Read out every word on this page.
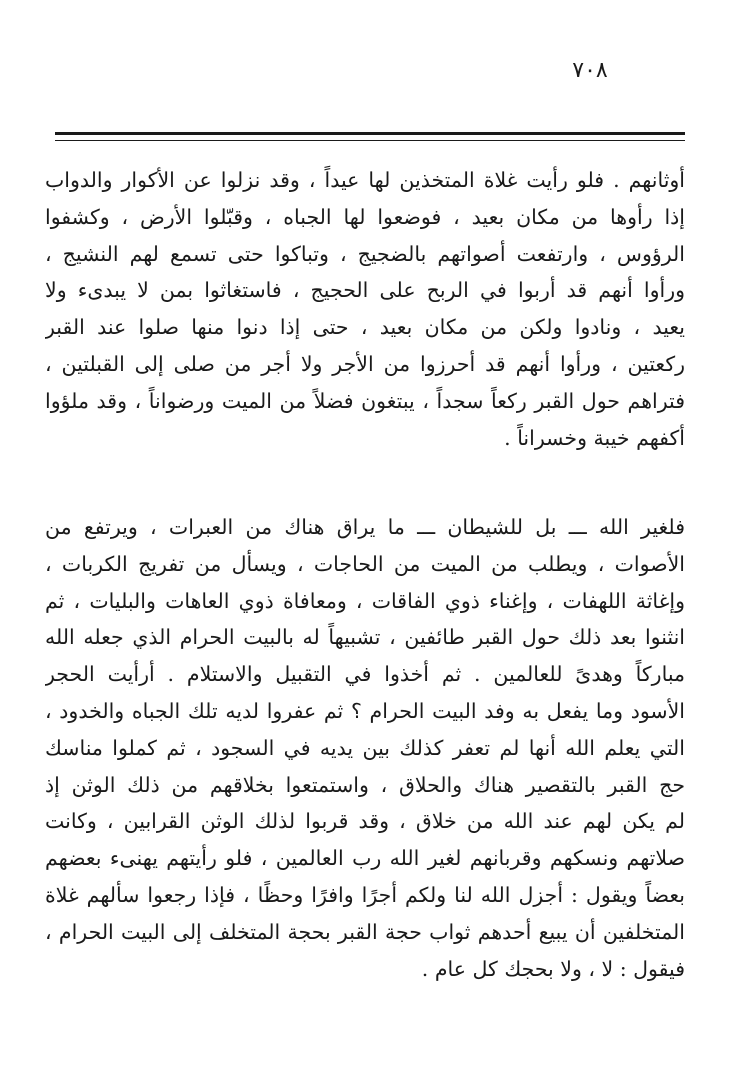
٧٠٨
أوثانهم . فلو رأيت غلاة المتخذين لها عيداً ، وقد نزلوا عن الأكوار والدواب
إذا رأوها من مكان بعيد ، فوضعوا لها الجباه ، وقبّلوا الأرض ، وكشفوا
الرؤوس ، وارتفعت أصواتهم بالضجيج ، وتباكوا حتى تسمع لهم النشيج ،
ورأوا أنهم قد أربوا في الربح على الحجيج ، فاستغاثوا بمن لا يبدىء ولا
يعيد ، ونادوا ولكن من مكان بعيد ، حتى إذا دنوا منها صلوا عند القبر
ركعتين ، ورأوا أنهم قد أحرزوا من الأجر ولا أجر من صلى إلى القبلتين ،
فتراهم حول القبر ركعاً سجداً ، يبتغون فضلاً من الميت ورضواناً ، وقد ملؤوا
أكفهم خيبة وخسراناً .
فلغير الله ـــ بل للشيطان ـــ ما يراق هناك من العبرات ، ويرتفع من
الأصوات ، ويطلب من الميت من الحاجات ، ويسأل من تفريج الكربات ،
وإغاثة اللهفات ، وإغناء ذوي الفاقات ، ومعافاة ذوي العاهات والبليات ، ثم
انثنوا بعد ذلك حول القبر طائفين ، تشبيهاً له بالبيت الحرام الذي جعله الله
مباركاً وهدىً للعالمين . ثم أخذوا في التقبيل والاستلام . أرأيت الحجر
الأسود وما يفعل به وفد البيت الحرام ؟ ثم عفروا لديه تلك الجباه والخدود ،
التي يعلم الله أنها لم تعفر كذلك بين يديه في السجود ، ثم كملوا مناسك
حج القبر بالتقصير هناك والحلاق ، واستمتعوا بخلاقهم من ذلك الوثن إذ
لم يكن لهم عند الله من خلاق ، وقد قربوا لذلك الوثن القرابين ، وكانت
صلاتهم ونسكهم وقربانهم لغير الله رب العالمين ، فلو رأيتهم يهنىء بعضهم
بعضاً ويقول : أجزل الله لنا ولكم أجرًا وافرًا وحظًا ، فإذا رجعوا سألهم غلاة
المتخلفين أن يبيع أحدهم ثواب حجة القبر بحجة المتخلف إلى البيت الحرام ،
فيقول : لا ، ولا بحجك كل عام .
